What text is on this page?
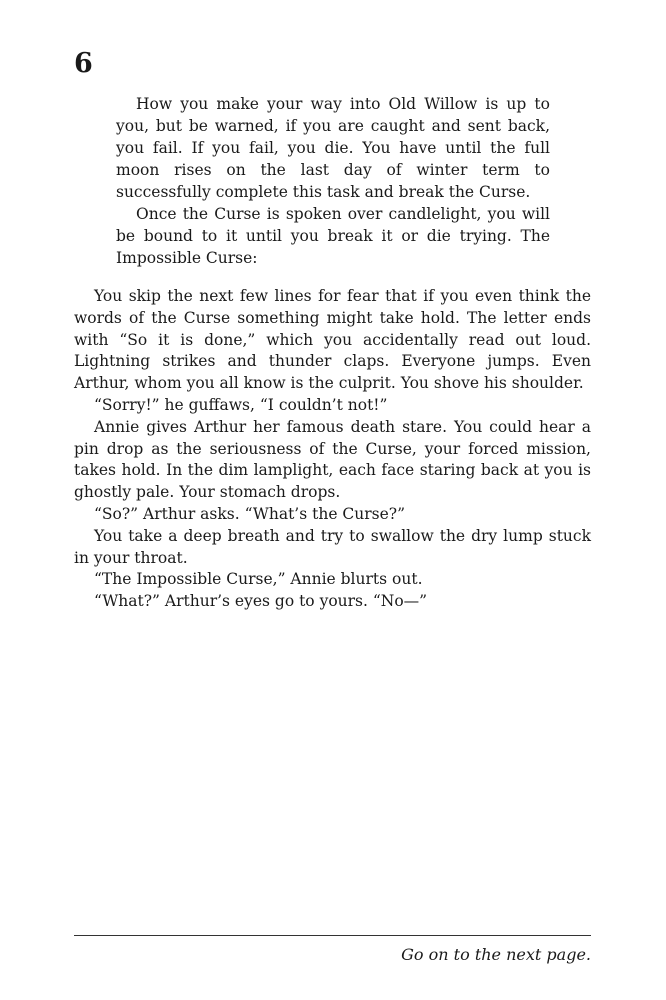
6

How you make your way into Old Willow is up to you, but be warned, if you are caught and sent back, you fail. If you fail, you die. You have until the full moon rises on the last day of winter term to successfully complete this task and break the Curse.

Once the Curse is spoken over candlelight, you will be bound to it until you break it or die trying. The Impossible Curse:

You skip the next few lines for fear that if you even think the words of the Curse something might take hold. The letter ends with “So it is done,” which you accidentally read out loud. Lightning strikes and thunder claps. Everyone jumps. Even Arthur, whom you all know is the culprit. You shove his shoulder.

“Sorry!” he guffaws, “I couldn’t not!”

Annie gives Arthur her famous death stare. You could hear a pin drop as the seriousness of the Curse, your forced mission, takes hold. In the dim lamplight, each face staring back at you is ghostly pale. Your stomach drops.

“So?” Arthur asks. “What’s the Curse?”

You take a deep breath and try to swallow the dry lump stuck in your throat.

“The Impossible Curse,” Annie blurts out.

“What?” Arthur’s eyes go to yours. “No—”

Go on to the next page.
